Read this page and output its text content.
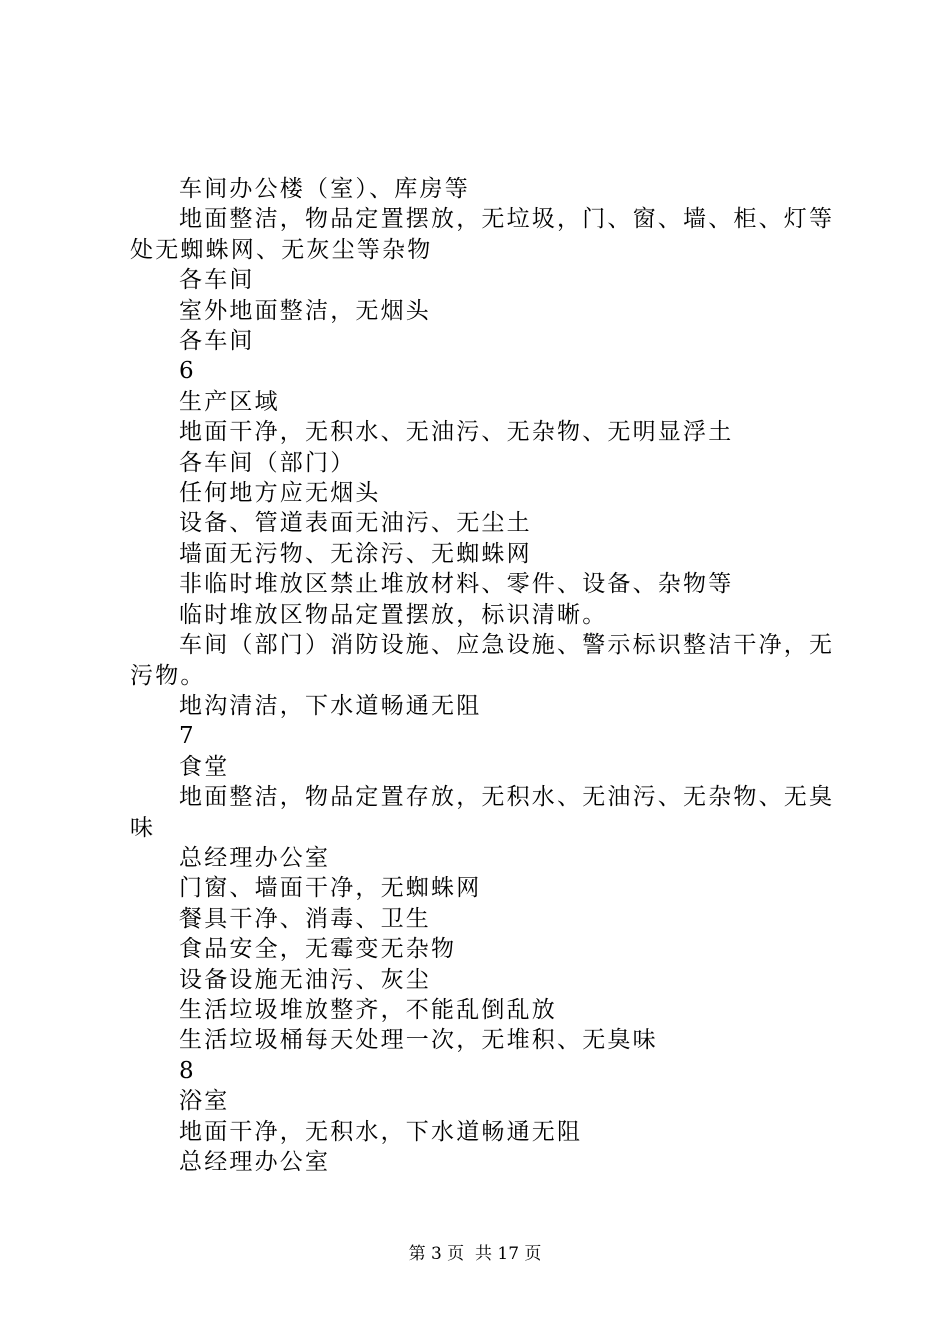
车间办公楼（室）、库房等

地面整洁，物品定置摆放，无垃圾，门、窗、墙、柜、灯等处无蜘蛛网、无灰尘等杂物

各车间

室外地面整洁，无烟头

各车间

6

生产区域

地面干净，无积水、无油污、无杂物、无明显浮土

各车间（部门）

任何地方应无烟头

设备、管道表面无油污、无尘土

墙面无污物、无涂污、无蜘蛛网

非临时堆放区禁止堆放材料、零件、设备、杂物等

临时堆放区物品定置摆放，标识清晰。

车间（部门）消防设施、应急设施、警示标识整洁干净，无污物。

地沟清洁，下水道畅通无阻

7

食堂

地面整洁，物品定置存放，无积水、无油污、无杂物、无臭味

总经理办公室

门窗、墙面干净，无蜘蛛网

餐具干净、消毒、卫生

食品安全，无霉变无杂物

设备设施无油污、灰尘

生活垃圾堆放整齐，不能乱倒乱放

生活垃圾桶每天处理一次，无堆积、无臭味

8

浴室

地面干净，无积水，下水道畅通无阻

总经理办公室

第 3 页  共 17 页
